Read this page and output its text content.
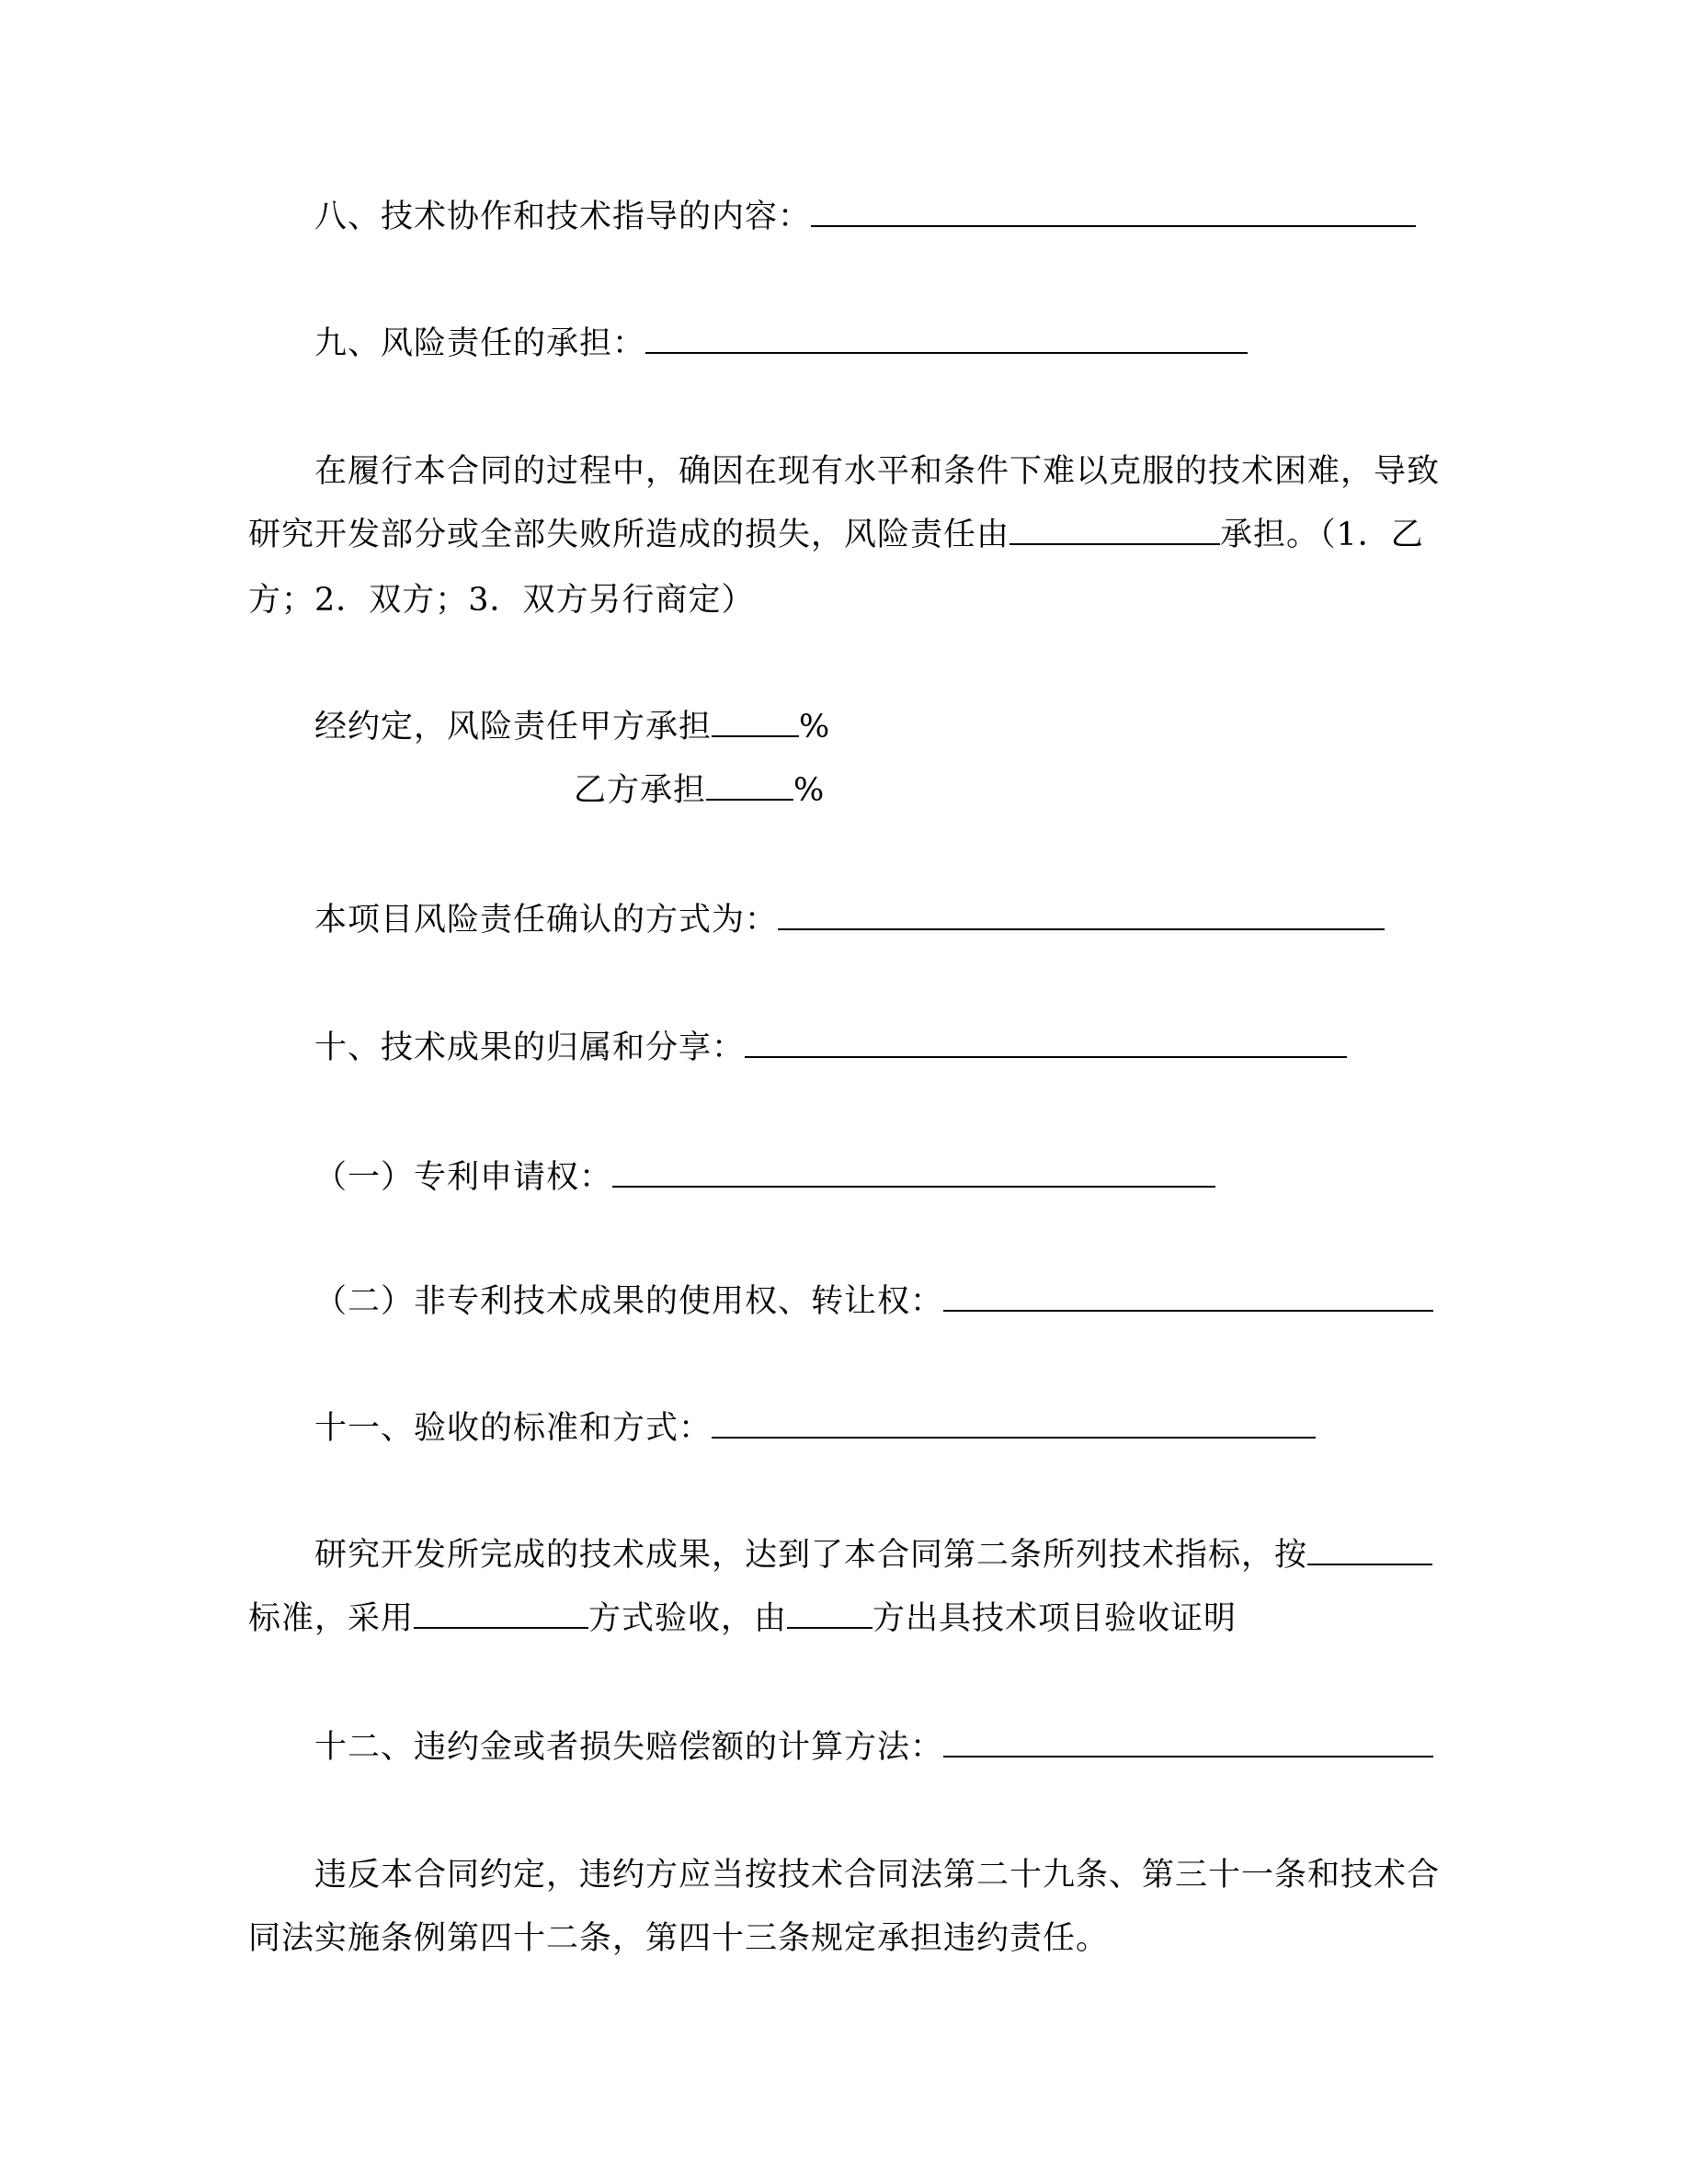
八、技术协作和技术指导的内容：
九、风险责任的承担：
在履行本合同的过程中，确因在现有水平和条件下难以克服的技术困难，导致
研究开发部分或全部失败所造成的损失，风险责任由	承担。（1．乙
方；2．双方；3．双方另行商定）
经约定，风险责任甲方承担	%
乙方承担	%
本项目风险责任确认的方式为：
十、技术成果的归属和分享：
（一）专利申请权：
（二）非专利技术成果的使用权、转让权：
十一、验收的标准和方式：
研究开发所完成的技术成果，达到了本合同第二条所列技术指标，按
标准，采用	方式验收，由	方出具技术项目验收证明
十二、违约金或者损失赔偿额的计算方法：
违反本合同约定，违约方应当按技术合同法第二十九条、第三十一条和技术合
同法实施条例第四十二条，第四十三条规定承担违约责任。
